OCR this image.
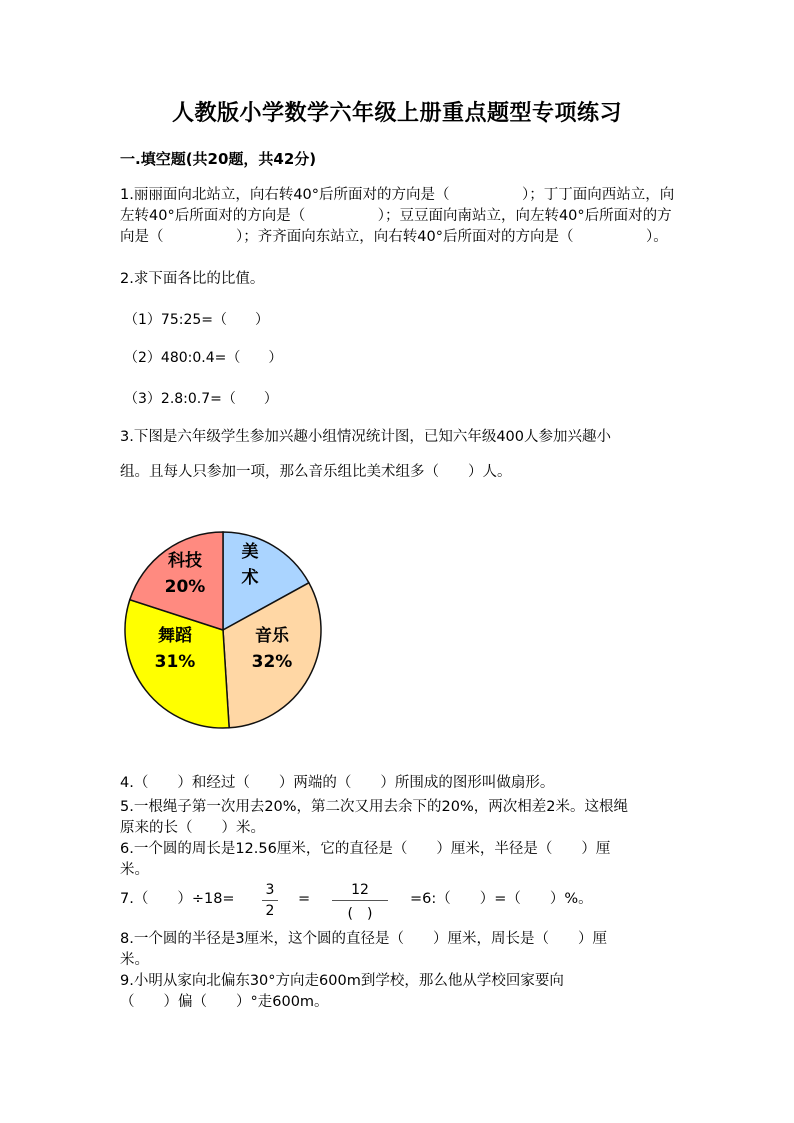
人教版小学数学六年级上册重点题型专项练习
一.填空题(共20题，共42分)
1.丽丽面向北站立，向右转40°后所面对的方向是（　　　　　）；丁丁面向西站立，向左转40°后所面对的方向是（　　　　　）；豆豆面向南站立，向左转40°后所面对的方向是（　　　　　）；齐齐面向东站立，向右转40°后所面对的方向是（　　　　　）。
2.求下面各比的比值。
（1）75:25=（　　）
（2）480:0.4=（　　）
（3）2.8:0.7=（　　）
3.下图是六年级学生参加兴趣小组情况统计图，已知六年级400人参加兴趣小
组。且每人只参加一项，那么音乐组比美术组多（　　）人。
美
术
科技
20%
音乐
32%
舞蹈
31%
4.（　　）和经过（　　）两端的（　　）所围成的图形叫做扇形。
5.一根绳子第一次用去20%，第二次又用去余下的20%，两次相差2米。这根绳
原来的长（　　）米。
6.一个圆的周长是12.56厘米，它的直径是（　　）厘米，半径是（　　）厘
米。
7.（　　）÷18=
3
2
=
12
(　)
=6:（　　）=（　　）%。
8.一个圆的半径是3厘米，这个圆的直径是（　　）厘米，周长是（　　）厘
米。
9.小明从家向北偏东30°方向走600m到学校，那么他从学校回家要向
（　　）偏（　　）°走600m。
